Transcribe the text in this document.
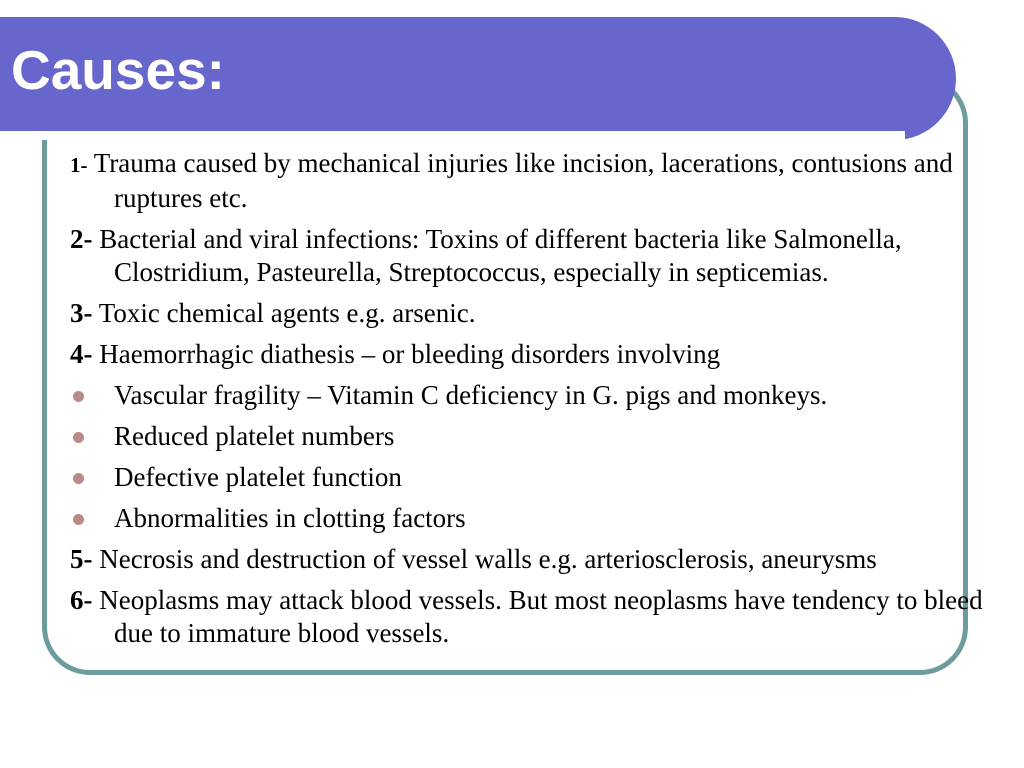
Causes:
1- Trauma caused by mechanical injuries like incision, lacerations, contusions and ruptures etc.
2- Bacterial and viral infections: Toxins of different bacteria like Salmonella, Clostridium, Pasteurella, Streptococcus, especially in septicemias.
3- Toxic chemical agents e.g. arsenic.
4- Haemorrhagic diathesis – or bleeding disorders involving
Vascular fragility – Vitamin C deficiency in G. pigs and monkeys.
Reduced platelet numbers
Defective platelet function
Abnormalities in clotting factors
5- Necrosis and destruction of vessel walls e.g. arteriosclerosis, aneurysms
6- Neoplasms may attack blood vessels. But most neoplasms have tendency to bleed due to immature blood vessels.
